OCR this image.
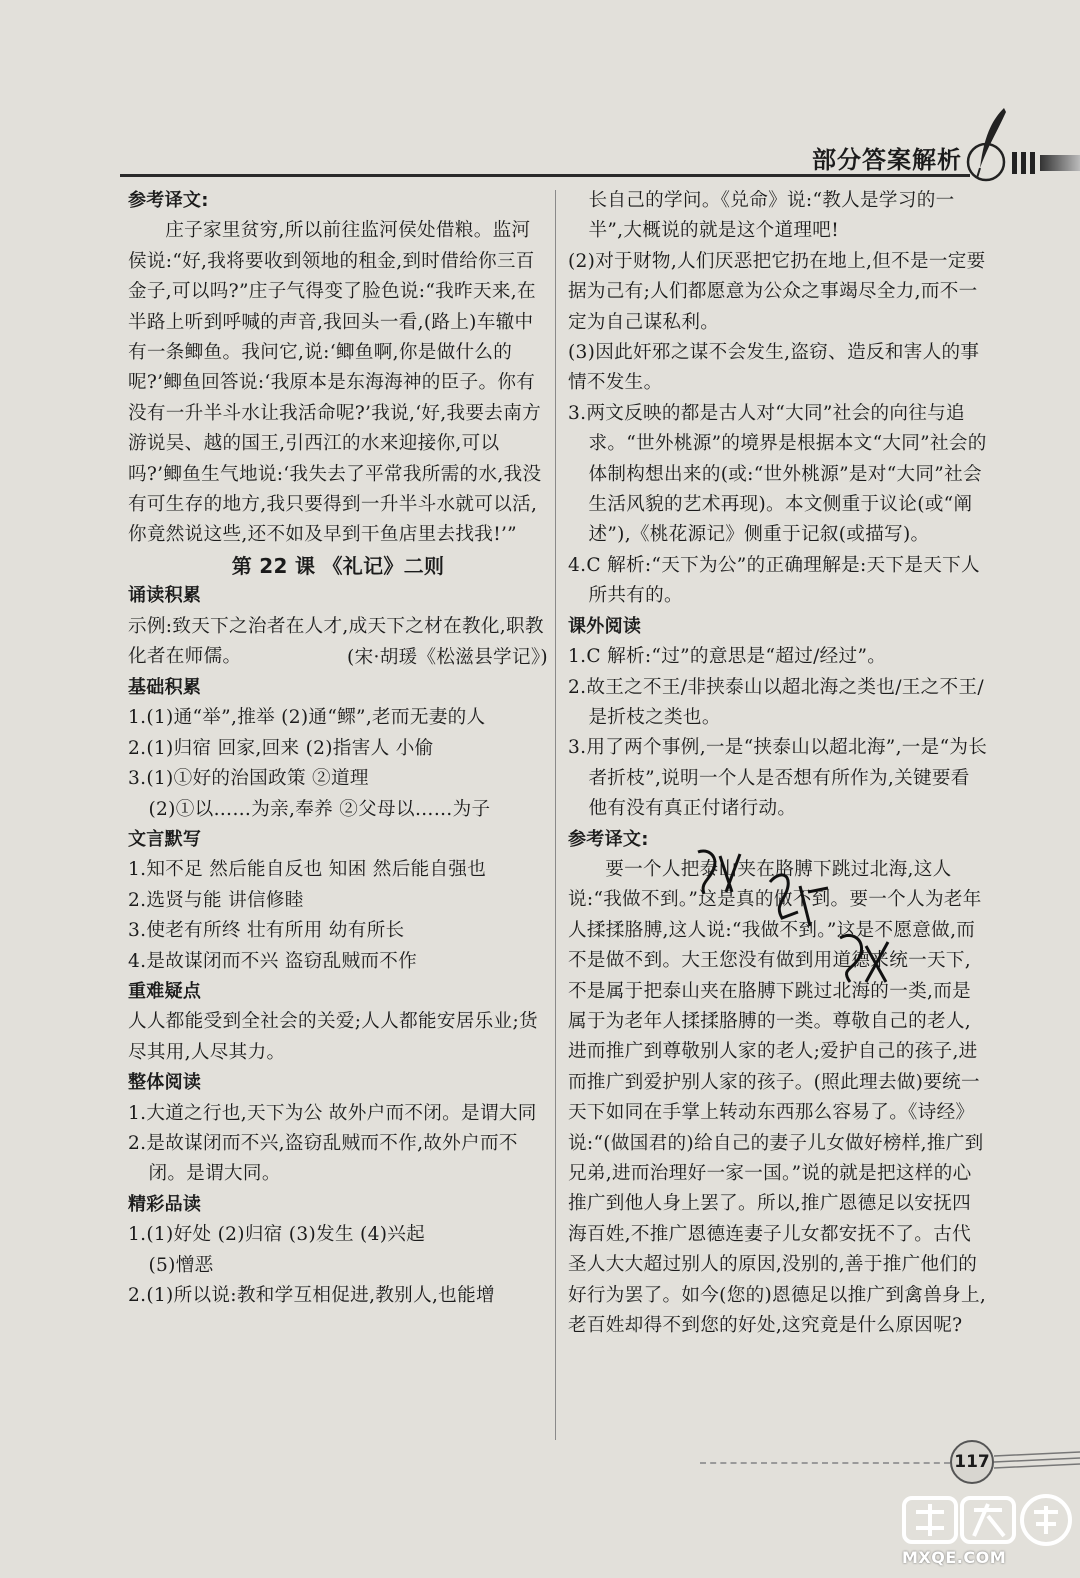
部分答案解析

参考译文:

庄子家里贫穷,所以前往监河侯处借粮。监河侯说:“好,我将要收到领地的租金,到时借给你三百金子,可以吗?”庄子气得变了脸色说:“我昨天来,在半路上听到呼喊的声音,我回头一看,(路上)车辙中有一条鲫鱼。我问它,说:‘鲫鱼啊,你是做什么的呢?’鲫鱼回答说:‘我原本是东海海神的臣子。你有没有一升半斗水让我活命呢?’我说,‘好,我要去南方游说吴、越的国王,引西江的水来迎接你,可以吗?’鲫鱼生气地说:‘我失去了平常我所需的水,我没有可生存的地方,我只要得到一升半斗水就可以活,你竟然说这些,还不如及早到干鱼店里去找我!’”

第 22 课 《礼记》二则

诵读积累

示例:致天下之治者在人才,成天下之材在教化,职教化者在师儒。	(宋·胡瑗《松滋县学记》)

基础积累

1.(1)通“举”,推举 (2)通“鳏”,老而无妻的人

2.(1)归宿 回家,回来 (2)指害人 小偷

3.(1)①好的治国政策 ②道理

(2)①以……为亲,奉养 ②父母以……为子

文言默写

1.知不足 然后能自反也 知困 然后能自强也

2.选贤与能 讲信修睦

3.使老有所终 壮有所用 幼有所长

4.是故谋闭而不兴 盗窃乱贼而不作

重难疑点

人人都能受到全社会的关爱;人人都能安居乐业;货尽其用,人尽其力。

整体阅读

1.大道之行也,天下为公 故外户而不闭。是谓大同

2.是故谋闭而不兴,盗窃乱贼而不作,故外户而不闭。是谓大同。

精彩品读

1.(1)好处 (2)归宿 (3)发生 (4)兴起

(5)憎恶

2.(1)所以说:教和学互相促进,教别人,也能增

长自己的学问。《兑命》说:“教人是学习的一半”,大概说的就是这个道理吧!

(2)对于财物,人们厌恶把它扔在地上,但不是一定要据为己有;人们都愿意为公众之事竭尽全力,而不一定为自己谋私利。

(3)因此奸邪之谋不会发生,盗窃、造反和害人的事情不发生。

3.两文反映的都是古人对“大同”社会的向往与追求。“世外桃源”的境界是根据本文“大同”社会的体制构想出来的(或:“世外桃源”是对“大同”社会生活风貌的艺术再现)。本文侧重于议论(或“阐述”),《桃花源记》侧重于记叙(或描写)。

4.C 解析:“天下为公”的正确理解是:天下是天下人所共有的。

课外阅读

1.C 解析:“过”的意思是“超过/经过”。

2.故王之不王/非挟泰山以超北海之类也/王之不王/是折枝之类也。

3.用了两个事例,一是“挟泰山以超北海”,一是“为长者折枝”,说明一个人是否想有所作为,关键要看他有没有真正付诸行动。

参考译文:

要一个人把泰山夹在胳膊下跳过北海,这人说:“我做不到。”这是真的做不到。要一个人为老年人揉揉胳膊,这人说:“我做不到。”这是不愿意做,而不是做不到。大王您没有做到用道德来统一天下,不是属于把泰山夹在胳膊下跳过北海的一类,而是属于为老年人揉揉胳膊的一类。尊敬自己的老人,进而推广到尊敬别人家的老人;爱护自己的孩子,进而推广到爱护别人家的孩子。(照此理去做)要统一天下如同在手掌上转动东西那么容易了。《诗经》说:“(做国君的)给自己的妻子儿女做好榜样,推广到兄弟,进而治理好一家一国。”说的就是把这样的心推广到他人身上罢了。所以,推广恩德足以安抚四海百姓,不推广恩德连妻子儿女都安抚不了。古代圣人大大超过别人的原因,没别的,善于推广他们的好行为罢了。如今(您的)恩德足以推广到禽兽身上,老百姓却得不到您的好处,这究竟是什么原因呢?

117
MXQE.COM
